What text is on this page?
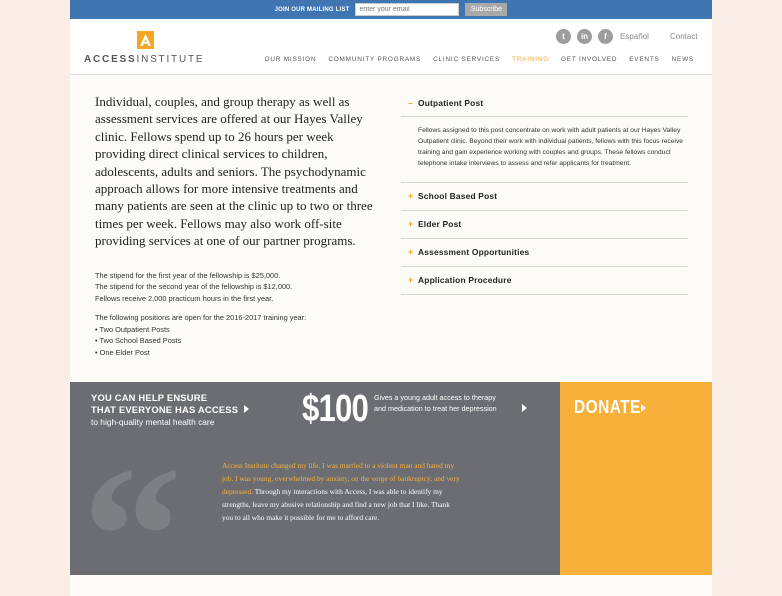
JOIN OUR MAILING LIST
enter your email	Subscribe
ACCESSINSTITUTE
t	in	f	Español	Contact
OUR MISSION COMMUNITY PROGRAMS CLINIC SERVICES TRAINING GET INVOLVED EVENTS NEWS

Individual, couples, and group therapy as well as assessment services are offered at our Hayes Valley clinic. Fellows spend up to 26 hours per week providing direct clinical services to children, adolescents, adults and seniors. The psychodynamic approach allows for more intensive treatments and many patients are seen at the clinic up to two or three times per week. Fellows may also work off-site providing services at one of our partner programs.

The stipend for the first year of the fellowship is $25,000.

The stipend for the second year of the fellowship is $12,000.

Fellows receive 2,000 practicum hours in the first year.

The following positions are open for the 2016-2017 training year:

• Two Outpatient Posts

• Two School Based Posts

• One Elder Post

– Outpatient Post
Fellows assigned to this post concentrate on work with adult patients at our Hayes Valley Outpatient clinic. Beyond their work with individual patients, fellows with this focus receive training and gain experience working with couples and groups. These fellows conduct telephone intake interviews to assess and refer applicants for treatment.
+ School Based Post
+ Elder Post
+ Assessment Opportunities
+ Application Procedure
YOU CAN HELP ENSURE
THAT EVERYONE HAS ACCESS
to high-quality mental health care $100 Gives a young adult access to therapy
and medication to treat her depression
“	Access Institute changed my life. I was married to a violent man and hated my job. I was young, overwhelmed by anxiety, on the verge of bankruptcy, and very depressed. Through my interactions with Access, I was able to identify my strengths, leave my abusive relationship and find a new job that I like. Thank you to all who make it possible for me to afford care.

DONATE
